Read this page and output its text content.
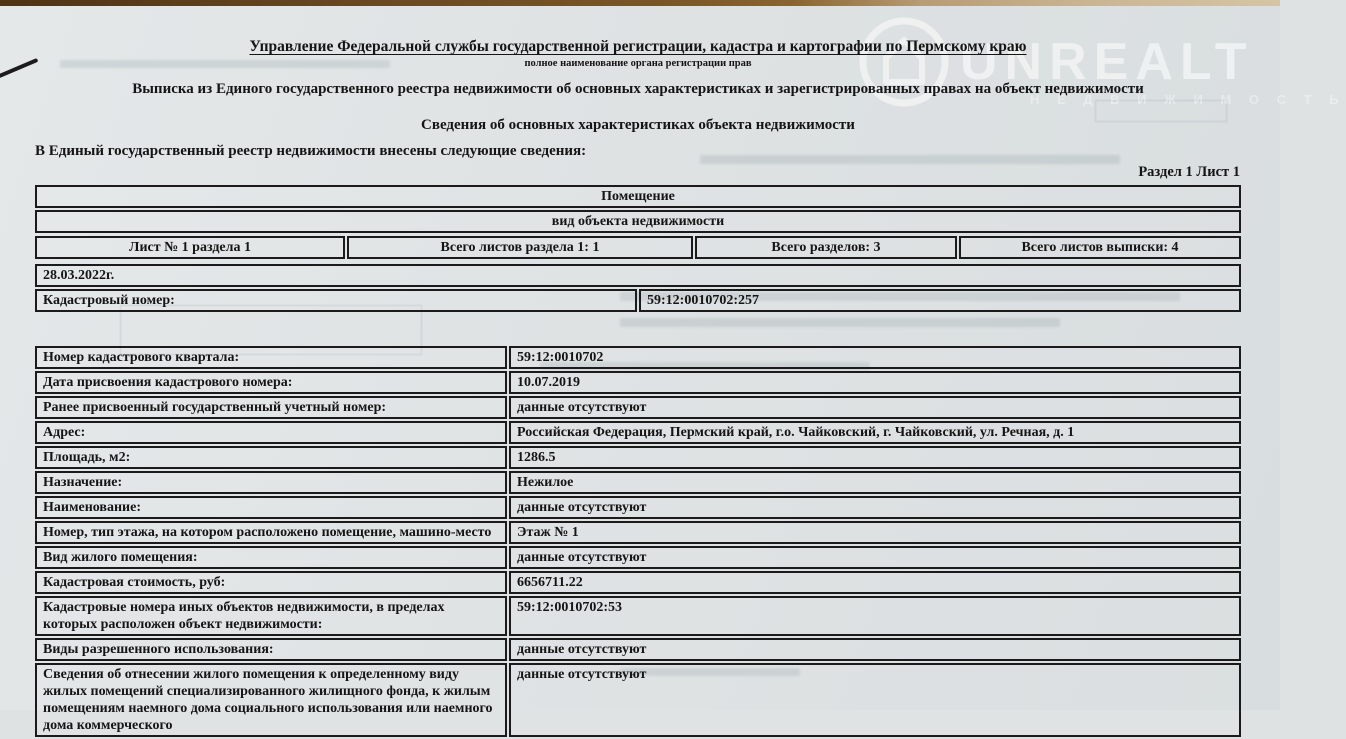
UNREALT
Н Е Д В И Ж И М О С Т Ь
Управление Федеральной службы государственной регистрации, кадастра и картографии по Пермскому краю
полное наименование органа регистрации прав
Выписка из Единого государственного реестра недвижимости об основных характеристиках и зарегистрированных правах на объект недвижимости
Сведения об основных характеристиках объекта недвижимости
В Единый государственный реестр недвижимости внесены следующие сведения:
Раздел 1 Лист 1
Помещение
вид объекта недвижимости
Лист № 1 раздела 1	Всего листов раздела 1: 1	Всего разделов: 3	Всего листов выписки: 4
28.03.2022г.
Кадастровый номер:	59:12:0010702:257
Номер кадастрового квартала:	59:12:0010702
Дата присвоения кадастрового номера:	10.07.2019
Ранее присвоенный государственный учетный номер:	данные отсутствуют
Адрес:	Российская Федерация, Пермский край, г.о. Чайковский, г. Чайковский, ул. Речная, д. 1
Площадь, м2:	1286.5
Назначение:	Нежилое
Наименование:	данные отсутствуют
Номер, тип этажа, на котором расположено помещение, машино-место	Этаж № 1
Вид жилого помещения:	данные отсутствуют
Кадастровая стоимость, руб:	6656711.22
Кадастровые номера иных объектов недвижимости, в пределах которых расположен объект недвижимости:	59:12:0010702:53
Виды разрешенного использования:	данные отсутствуют
Сведения об отнесении жилого помещения к определенному виду жилых помещений специализированного жилищного фонда, к жилым помещениям наемного дома социального использования или наемного дома коммерческого	данные отсутствуют
